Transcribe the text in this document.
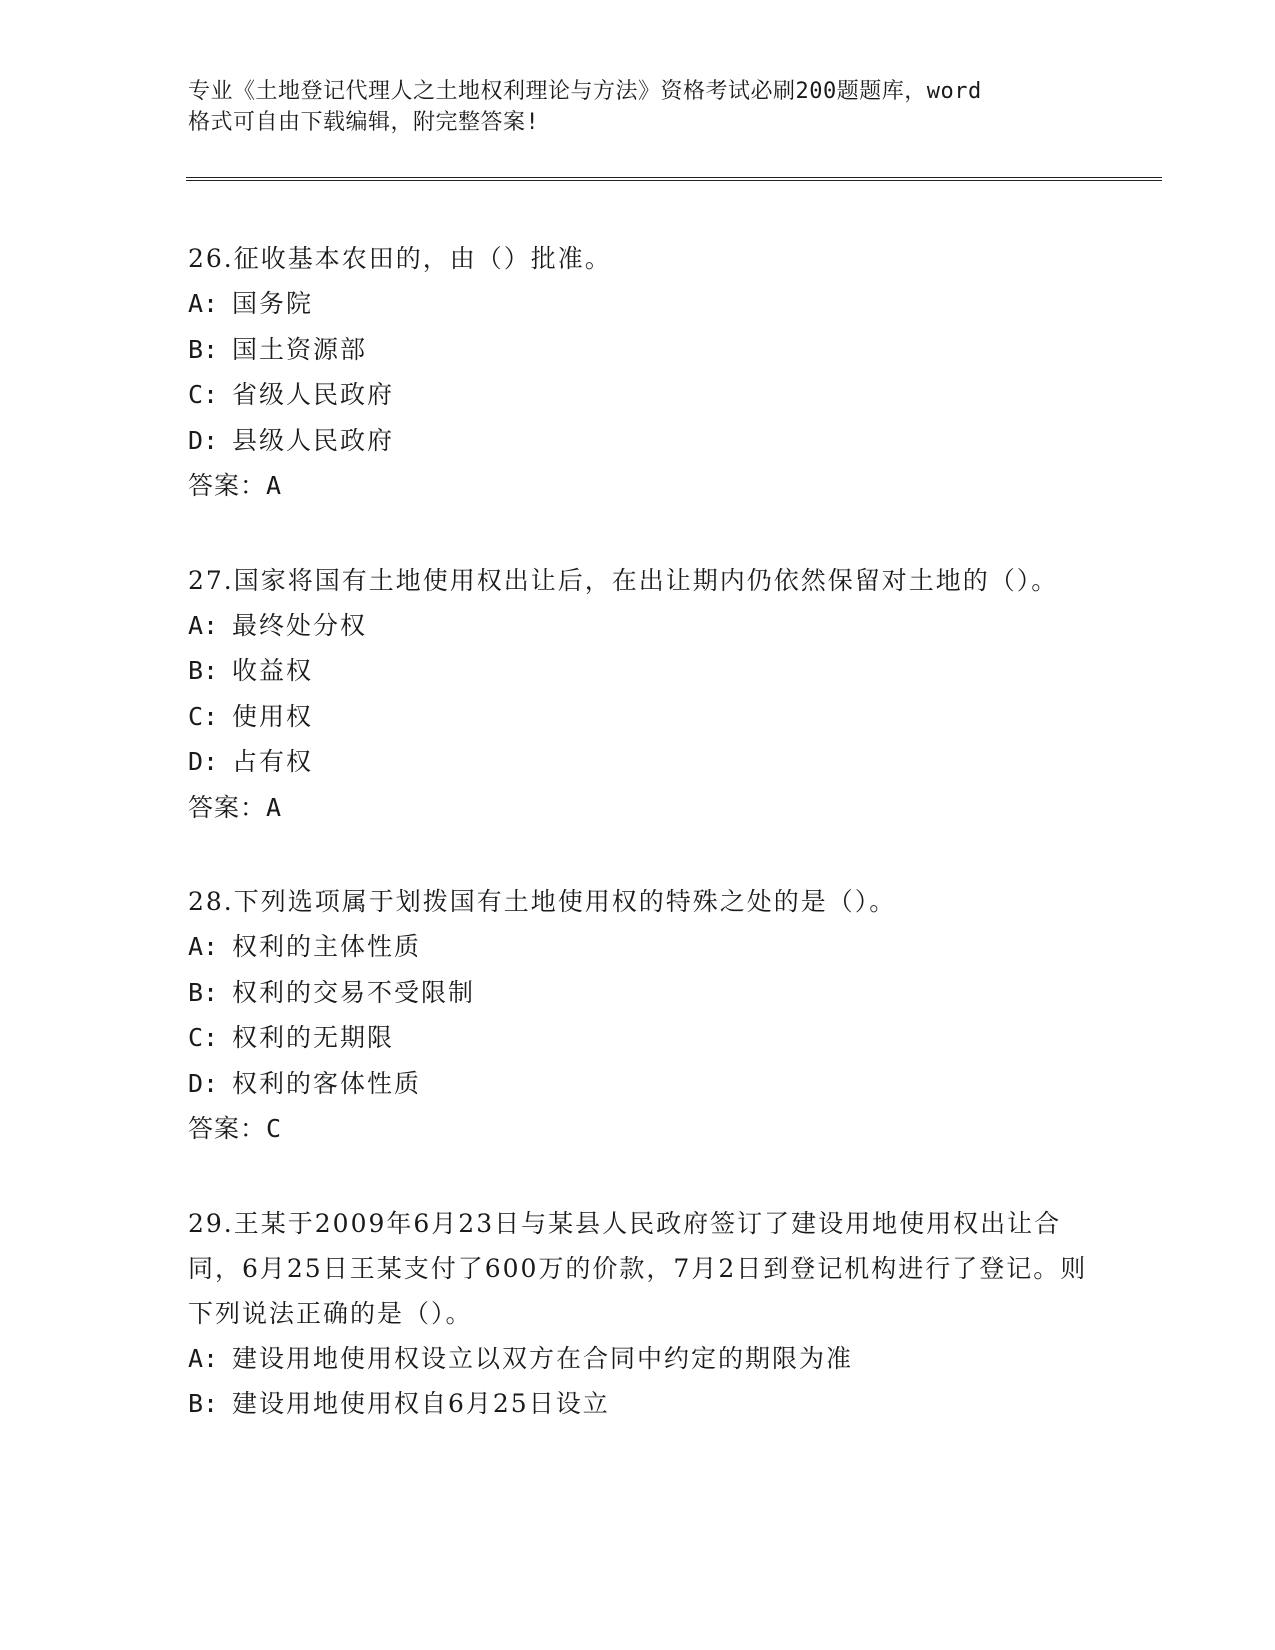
专业《土地登记代理人之土地权利理论与方法》资格考试必刷200题题库，word
格式可自由下载编辑，附完整答案!

26.征收基本农田的，由（）批准。

A: 国务院

B: 国土资源部

C: 省级人民政府

D: 县级人民政府

答案：A

27.国家将国有土地使用权出让后，在出让期内仍依然保留对土地的（）。

A: 最终处分权

B: 收益权

C: 使用权

D: 占有权

答案：A

28.下列选项属于划拨国有土地使用权的特殊之处的是（）。

A: 权利的主体性质

B: 权利的交易不受限制

C: 权利的无期限

D: 权利的客体性质

答案：C

29.王某于2009年6月23日与某县人民政府签订了建设用地使用权出让合同，6月25日王某支付了600万的价款，7月2日到登记机构进行了登记。则下列说法正确的是（）。

A: 建设用地使用权设立以双方在合同中约定的期限为准

B: 建设用地使用权自6月25日设立
